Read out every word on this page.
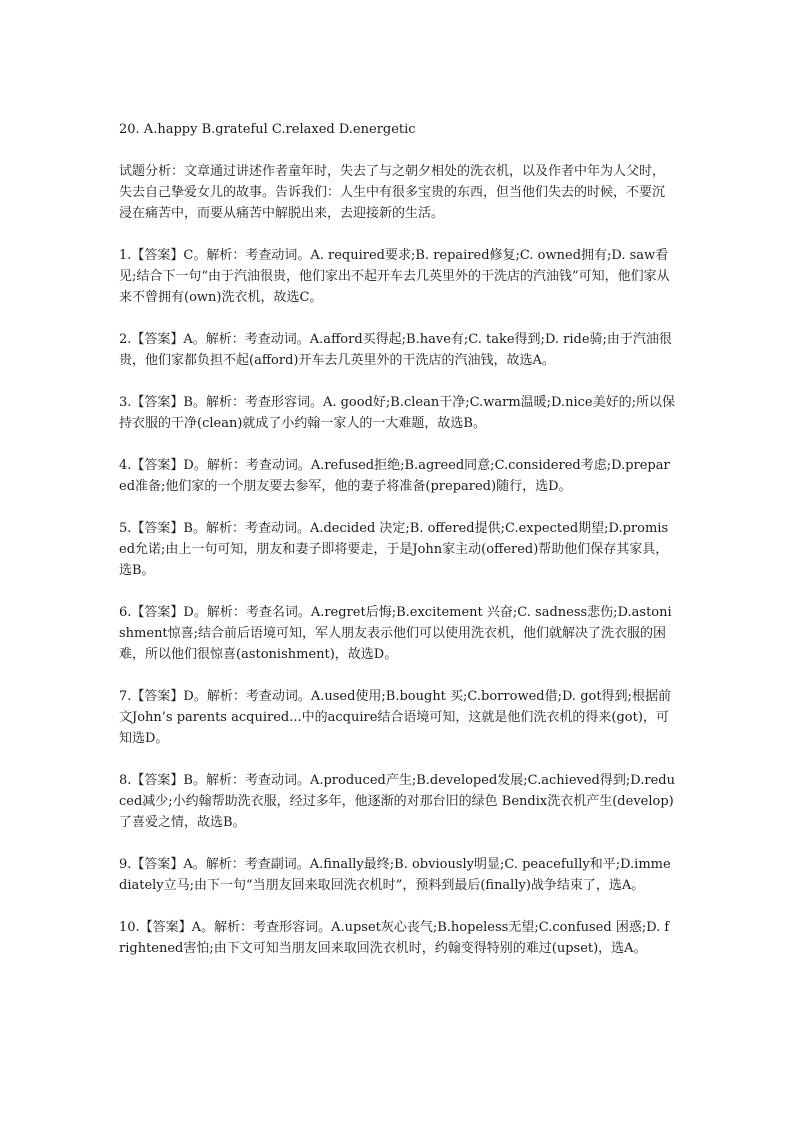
20. A.happy B.grateful C.relaxed D.energetic

试题分析：文章通过讲述作者童年时，失去了与之朝夕相处的洗衣机，以及作者中年为人父时，失去自己挚爱女儿的故事。告诉我们：人生中有很多宝贵的东西，但当他们失去的时候，不要沉浸在痛苦中，而要从痛苦中解脱出来，去迎接新的生活。

1.【答案】C。解析：考查动词。A. required要求;B. repaired修复;C. owned拥有;D. saw看见;结合下一句“由于汽油很贵，他们家出不起开车去几英里外的干洗店的汽油钱”可知，他们家从来不曾拥有(own)洗衣机，故选C。

2.【答案】A。解析：考查动词。A.afford买得起;B.have有;C. take得到;D. ride骑;由于汽油很贵，他们家都负担不起(afford)开车去几英里外的干洗店的汽油钱，故选A。

3.【答案】B。解析：考查形容词。A. good好;B.clean干净;C.warm温暖;D.nice美好的;所以保持衣服的干净(clean)就成了小约翰一家人的一大难题，故选B。

4.【答案】D。解析：考查动词。A.refused拒绝;B.agreed同意;C.considered考虑;D.prepared准备;他们家的一个朋友要去参军，他的妻子将准备(prepared)随行，选D。

5.【答案】B。解析：考查动词。A.decided 决定;B. offered提供;C.expected期望;D.promised允诺;由上一句可知，朋友和妻子即将要走，于是John家主动(offered)帮助他们保存其家具，选B。

6.【答案】D。解析：考查名词。A.regret后悔;B.excitement 兴奋;C. sadness悲伤;D.astonishment惊喜;结合前后语境可知，军人朋友表示他们可以使用洗衣机，他们就解决了洗衣服的困难，所以他们很惊喜(astonishment)，故选D。

7.【答案】D。解析：考查动词。A.used使用;B.bought 买;C.borrowed借;D. got得到;根据前文John’s parents acquired...中的acquire结合语境可知，这就是他们洗衣机的得来(got)，可知选D。

8.【答案】B。解析：考查动词。A.produced产生;B.developed发展;C.achieved得到;D.reduced减少;小约翰帮助洗衣服，经过多年，他逐渐的对那台旧的绿色 Bendix洗衣机产生(develop)了喜爱之情，故选B。

9.【答案】A。解析：考查副词。A.finally最终;B. obviously明显;C. peacefully和平;D.immediately立马;由下一句“当朋友回来取回洗衣机时”，预料到最后(finally)战争结束了，选A。

10.【答案】A。解析：考查形容词。A.upset灰心丧气;B.hopeless无望;C.confused 困惑;D. frightened害怕;由下文可知当朋友回来取回洗衣机时，约翰变得特别的难过(upset)，选A。
